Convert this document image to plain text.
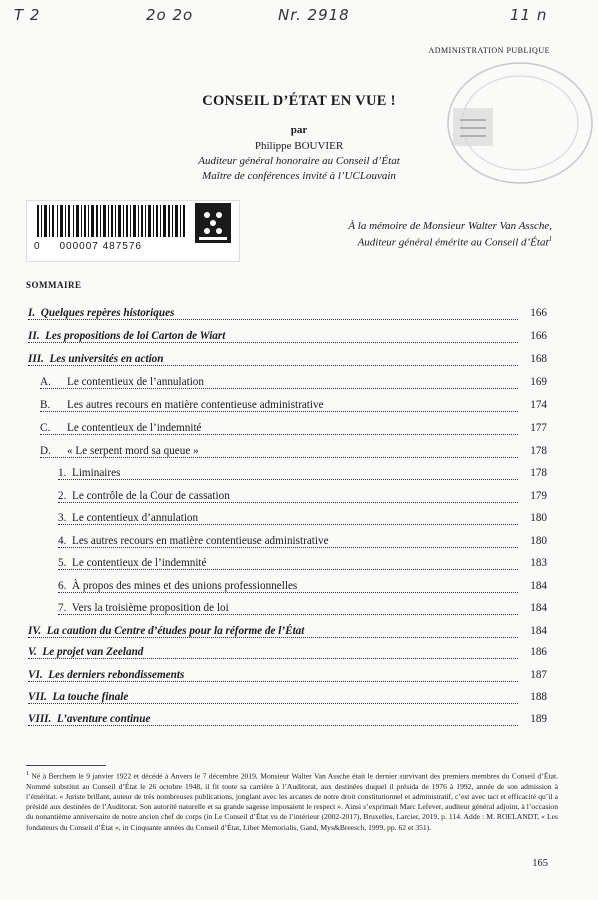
T 2	2o 2o	Nr. 2918	11 n
ADMINISTRATION PUBLIQUE
CONSEIL D’ÉTAT EN VUE !
par
Philippe BOUVIER
Auditeur général honoraire au Conseil d’État
Maître de conférences invité à l’UCLouvain
0     000007 487576
À la mémoire de Monsieur Walter Van Assche,
Auditeur général émérite au Conseil d’État$^1$
SOMMAIRE
I.  Quelques repères historiques	166
II.  Les propositions de loi Carton de Wiart	166
III.  Les universités en action	168
A. Le contentieux de l’annulation	169
B. Les autres recours en matière contentieuse administrative	174
C. Le contentieux de l’indemnité	177
D. « Le serpent mord sa queue »	178
1.  Liminaires	178
2.  Le contrôle de la Cour de cassation	179
3.  Le contentieux d’annulation	180
4.  Les autres recours en matière contentieuse administrative	180
5.  Le contentieux de l’indemnité	183
6.  À propos des mines et des unions professionnelles	184
7.  Vers la troisième proposition de loi	184
IV.  La caution du Centre d’études pour la réforme de l’État	184
V.  Le projet van Zeeland	186
VI.  Les derniers rebondissements	187
VII.  La touche finale	188
VIII.  L’aventure continue	189
$^1$ Né à Berchem le 9 janvier 1922 et décédé à Anvers le 7 décembre 2019, Monsieur Walter Van Assche était le dernier survivant des premiers membres du Conseil d’État. Nommé substitut au Conseil d’État le 26 octobre 1948, il fit toute sa carrière à l’Auditorat, aux destinées duquel il présida de 1976 à 1992, année de son admission à l’éméritat. « Juriste brillant, auteur de très nombreuses publications, jonglant avec les arcanes de notre droit constitutionnel et administratif, c’est avec tact et efficacité qu’il a présidé aux destinées de l’Auditorat. Son autorité naturelle et sa grande sagesse imposaient le respect ». Ainsi s’exprimait Marc Lefever, auditeur général adjoint, à l’occasion du nonantième anniversaire de notre ancien chef de corps (in Le Conseil d’État vu de l’intérieur (2002-2017), Bruxelles, Larcier, 2019, p. 114. Adde : M. ROELANDT, « Les fondateurs du Conseil d’État », in Cinquante années du Conseil d’État, Liber Memorialis, Gand, Mys&Breesch, 1999, pp. 62 et 351).
165
